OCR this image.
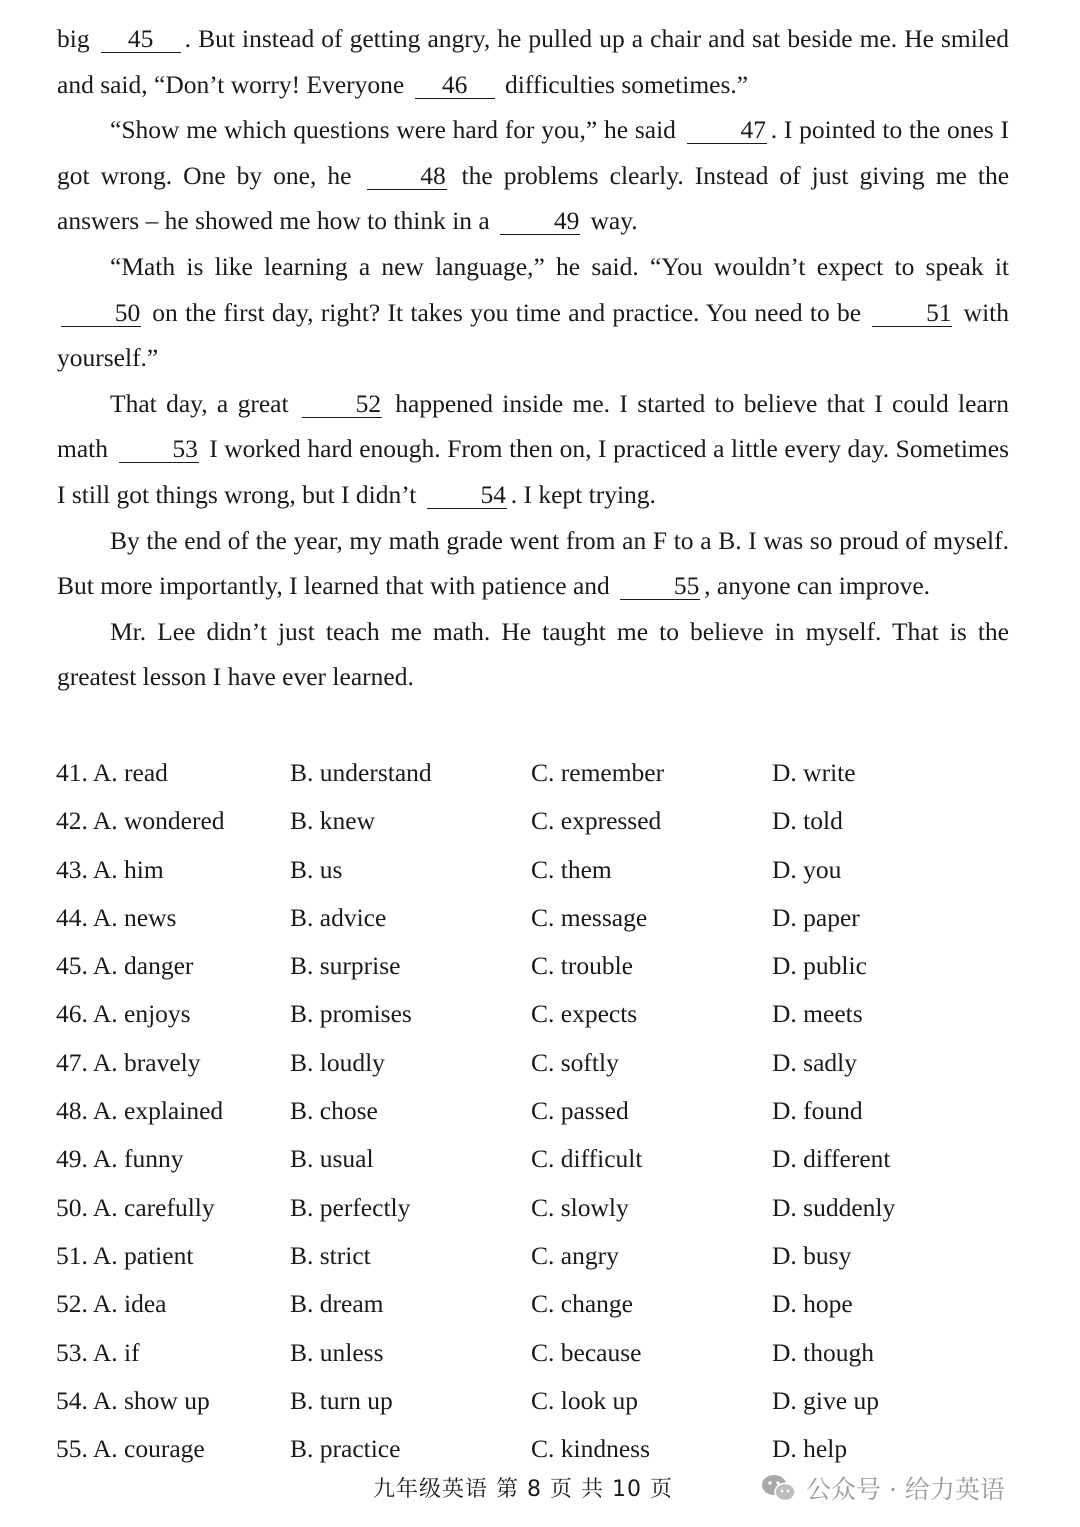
big 45 . But instead of getting angry, he pulled up a chair and sat beside me. He smiled and said, “Don’t worry! Everyone 46 difficulties sometimes.”

“Show me which questions were hard for you,” he said	47 . I pointed to the ones I got wrong. One by one, he	48 the problems clearly. Instead of just giving me the answers – he showed me how to think in a	49 way.

“Math is like learning a new language,” he said. “You wouldn’t expect to speak it 50 on the first day, right? It takes you time and practice. You need to be	51 with yourself.”

That day, a great	52 happened inside me. I started to believe that I could learn math	53 I worked hard enough. From then on, I practiced a little every day. Sometimes I still got things wrong, but I didn’t	54 . I kept trying.

By the end of the year, my math grade went from an F to a B. I was so proud of myself. But more importantly, I learned that with patience and	55 , anyone can improve.

Mr. Lee didn’t just teach me math. He taught me to believe in myself. That is the greatest lesson I have ever learned.

41. A. read	B. understand	C. remember	D. write
42. A. wondered	B. knew	C. expressed	D. told
43. A. him	B. us	C. them	D. you
44. A. news	B. advice	C. message	D. paper
45. A. danger	B. surprise	C. trouble	D. public
46. A. enjoys	B. promises	C. expects	D. meets
47. A. bravely	B. loudly	C. softly	D. sadly
48. A. explained	B. chose	C. passed	D. found
49. A. funny	B. usual	C. difficult	D. different
50. A. carefully	B. perfectly	C. slowly	D. suddenly
51. A. patient	B. strict	C. angry	D. busy
52. A. idea	B. dream	C. change	D. hope
53. A. if	B. unless	C. because	D. though
54. A. show up	B. turn up	C. look up	D. give up
55. A. courage	B. practice	C. kindness	D. help
九年级英语 第 8 页 共 10 页	公众号 · 给力英语
